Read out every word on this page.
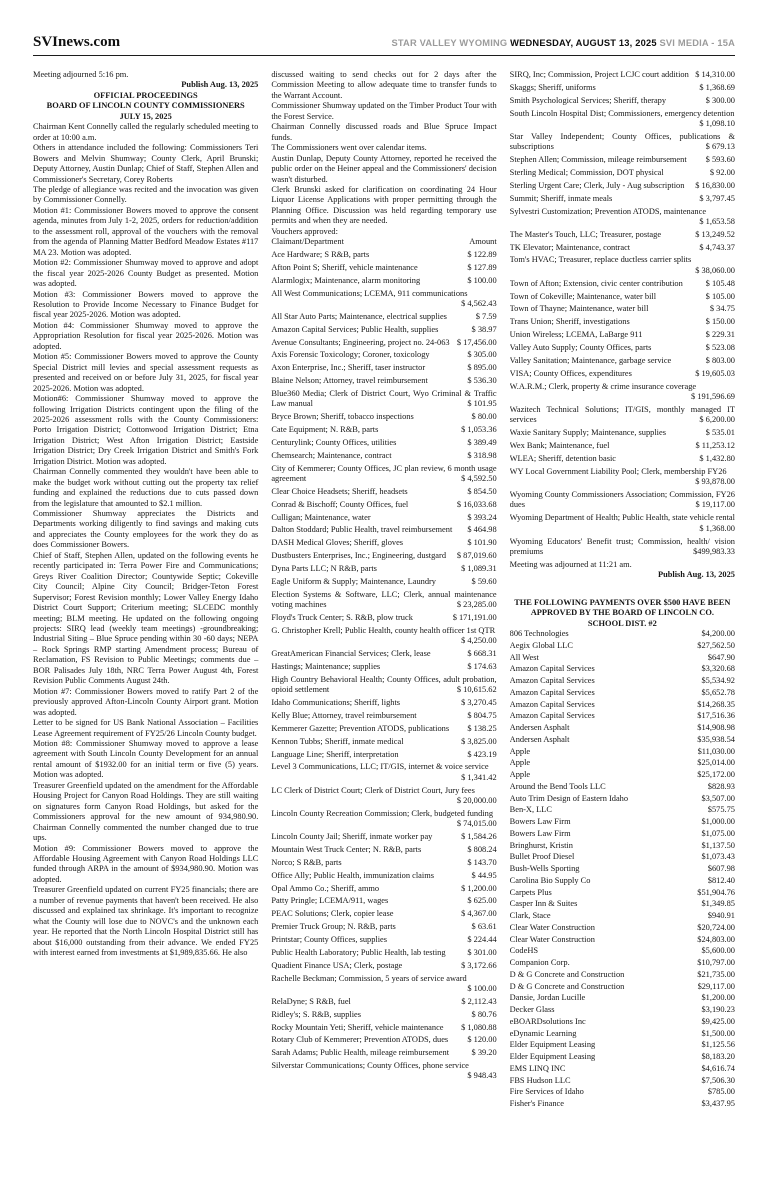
SVInews.com	STAR VALLEY WYOMING WEDNESDAY, AUGUST 13, 2025 SVI MEDIA - 15A

Meeting adjourned 5:16 pm.

Publish Aug. 13, 2025

OFFICIAL PROCEEDINGS

BOARD OF LINCOLN COUNTY COMMISSIONERS

JULY 15, 2025

Chairman Kent Connelly called the regularly scheduled meeting to order at 10:00 a.m.

Others in attendance included the following: Commissioners Teri Bowers and Melvin Shumway; County Clerk, April Brunski; Deputy Attorney, Austin Dunlap; Chief of Staff, Stephen Allen and Commissioner's Secretary, Corey Roberts

The pledge of allegiance was recited and the invocation was given by Commissioner Connelly.

Motion #1: Commissioner Bowers moved to approve the consent agenda, minutes from July 1-2, 2025, orders for reduction/addition to the assessment roll, approval of the vouchers with the removal from the agenda of Planning Matter Bedford Meadow Estates #117 MA 23. Motion was adopted.

Motion #2: Commissioner Shumway moved to approve and adopt the fiscal year 2025-2026 County Budget as presented. Motion was adopted.

Motion #3: Commissioner Bowers moved to approve the Resolution to Provide Income Necessary to Finance Budget for fiscal year 2025-2026. Motion was adopted.

Motion #4: Commissioner Shumway moved to approve the Appropriation Resolution for fiscal year 2025-2026. Motion was adopted.

Motion #5: Commissioner Bowers moved to approve the County Special District mill levies and special assessment requests as presented and received on or before July 31, 2025, for fiscal year 2025-2026. Motion was adopted.

Motion#6: Commissioner Shumway moved to approve the following Irrigation Districts contingent upon the filing of the 2025-2026 assessment rolls with the County Commissioners: Porto Irrigation District; Cottonwood Irrigation District; Etna Irrigation District; West Afton Irrigation District; Eastside Irrigation District; Dry Creek Irrigation District and Smith's Fork Irrigation District. Motion was adopted.

Chairman Connelly commented they wouldn't have been able to make the budget work without cutting out the property tax relief funding and explained the reductions due to cuts passed down from the legislature that amounted to $2.1 million.

Commissioner Shumway appreciates the Districts and Departments working diligently to find savings and making cuts and appreciates the County employees for the work they do as does Commissioner Bowers.

Chief of Staff, Stephen Allen, updated on the following events he recently participated in: Terra Power Fire and Communications; Greys River Coalition Director; Countywide Septic; Cokeville City Council; Alpine City Council; Bridger-Teton Forest Supervisor; Forest Revision monthly; Lower Valley Energy Idaho District Court Support; Criterium meeting; SLCEDC monthly meeting; BLM meeting. He updated on the following ongoing projects: SIRQ lead (weekly team meetings) -groundbreaking; Industrial Siting – Blue Spruce pending within 30 -60 days; NEPA – Rock Springs RMP starting Amendment process; Bureau of Reclamation, FS Revision to Public Meetings; comments due – BOR Palisades July 18th, NRC Terra Power August 4th, Forest Revision Public Comments August 24th.

Motion #7: Commissioner Bowers moved to ratify Part 2 of the previously approved Afton-Lincoln County Airport grant. Motion was adopted.

Letter to be signed for US Bank National Association – Facilities Lease Agreement requirement of FY25/26 Lincoln County budget.

Motion #8: Commissioner Shumway moved to approve a lease agreement with South Lincoln County Development for an annual rental amount of $1932.00 for an initial term or five (5) years. Motion was adopted.

Treasurer Greenfield updated on the amendment for the Affordable Housing Project for Canyon Road Holdings. They are still waiting on signatures form Canyon Road Holdings, but asked for the Commissioners approval for the new amount of 934,980.90. Chairman Connelly commented the number changed due to true ups.

Motion #9: Commissioner Bowers moved to approve the Affordable Housing Agreement with Canyon Road Holdings LLC funded through ARPA in the amount of $934,980.90. Motion was adopted.

Treasurer Greenfield updated on current FY25 financials; there are a number of revenue payments that haven't been received. He also discussed and explained tax shrinkage. It's important to recognize what the County will lose due to NOVC's and the unknown each year. He reported that the North Lincoln Hospital District still has about $16,000 outstanding from their advance. We ended FY25 with interest earned from investments at $1,989,835.66. He also

discussed waiting to send checks out for 2 days after the Commission Meeting to allow adequate time to transfer funds to the Warrant Account.

Commissioner Shumway updated on the Timber Product Tour with the Forest Service.

Chairman Connelly discussed roads and Blue Spruce Impact funds.

The Commissioners went over calendar items.

Austin Dunlap, Deputy County Attorney, reported he received the public order on the Heiner appeal and the Commissioners' decision wasn't disturbed.

Clerk Brunski asked for clarification on coordinating 24 Hour Liquor License Applications with proper permitting through the Planning Office. Discussion was held regarding temporary use permits and when they are needed.

Vouchers approved:

Claimant/Department	Amount
Ace Hardware; S R&B, parts	$ 122.89
Afton Point S; Sheriff, vehicle maintenance	$ 127.89
Alarmlogix; Maintenance, alarm monitoring	$ 100.00
All West Communications; LCEMA, 911 communications
$ 4,562.43
All Star Auto Parts; Maintenance, electrical supplies	$ 7.59
Amazon Capital Services; Public Health, supplies	$ 38.97
Avenue Consultants; Engineering, project no. 24-063 $ 17,456.00
Axis Forensic Toxicology; Coroner, toxicology	$ 305.00
Axon Enterprise, Inc.; Sheriff, taser instructor	$ 895.00
Blaine Nelson; Attorney, travel reimbursement	$ 536.30
Blue360 Media; Clerk of District Court, Wyo Criminal & Traffic Law manual	$ 101.95
Bryce Brown; Sheriff, tobacco inspections	$ 80.00
Cate Equipment; N. R&B, parts	$ 1,053.36
Centurylink; County Offices, utilities	$ 389.49
Chemsearch; Maintenance, contract	$ 318.98
City of Kemmerer; County Offices, JC plan review, 6 month usage agreement	$ 4,592.50
Clear Choice Headsets; Sheriff, headsets	$ 854.50
Conrad & Bischoff; County Offices, fuel	$ 16,033.68
Culligan; Maintenance, water	$ 393.24
Dalton Stoddard; Public Health, travel reimbursement	$ 464.98
DASH Medical Gloves; Sheriff, gloves	$ 101.90
Dustbusters Enterprises, Inc.; Engineering, dustgard	$ 87,019.60
Dyna Parts LLC; N R&B, parts	$ 1,089.31
Eagle Uniform & Supply; Maintenance, Laundry	$ 59.60
Election Systems & Software, LLC; Clerk, annual maintenance voting machines	$ 23,285.00
Floyd's Truck Center; S. R&B, plow truck	$ 171,191.00
G. Christopher Krell; Public Health, county health officer 1st QTR
$ 4,250.00
GreatAmerican Financial Services; Clerk, lease	$ 668.31
Hastings; Maintenance; supplies	$ 174.63
High Country Behavioral Health; County Offices, adult probation, opioid settlement	$ 10,615.62
Idaho Communications; Sheriff, lights	$ 3,270.45
Kelly Blue; Attorney, travel reimbursement	$ 804.75
Kemmerer Gazette; Prevention ATODS, publications	$ 138.25
Kennon Tubbs; Sheriff, inmate medical	$ 3,825.00
Language Line; Sheriff, interpretation	$ 423.19
Level 3 Communications, LLC; IT/GIS, internet & voice service
$ 1,341.42
LC Clerk of District Court; Clerk of District Court, Jury fees
$ 20,000.00
Lincoln County Recreation Commission; Clerk, budgeted funding
$ 74,015.00
Lincoln County Jail; Sheriff, inmate worker pay	$ 1,584.26
Mountain West Truck Center; N. R&B, parts	$ 808.24
Norco; S R&B, parts	$ 143.70
Office Ally; Public Health, immunization claims	$ 44.95
Opal Ammo Co.; Sheriff, ammo	$ 1,200.00
Patty Pringle; LCEMA/911, wages	$ 625.00
PEAC Solutions; Clerk, copier lease	$ 4,367.00
Premier Truck Group; N. R&B, parts	$ 63.61
Printstar; County Offices, supplies	$ 224.44
Public Health Laboratory; Public Health, lab testing	$ 301.00
Quadient Finance USA; Clerk, postage	$ 3,172.66
Rachelle Beckman; Commission, 5 years of service award
$ 100.00
RelaDyne; S R&B, fuel	$ 2,112.43
Ridley's; S. R&B, supplies	$ 80.76
Rocky Mountain Yeti; Sheriff, vehicle maintenance	$ 1,080.88
Rotary Club of Kemmerer; Prevention ATODS, dues	$ 120.00
Sarah Adams; Public Health, mileage reimbursement	$ 39.20
Silverstar Communications; County Offices, phone service
$ 948.43
SIRQ, Inc; Commission, Project LCJC court addition $ 14,310.00
Skaggs; Sheriff, uniforms	$ 1,368.69
Smith Psychological Services; Sheriff, therapy	$ 300.00
South Lincoln Hospital Dist; Commissioners, emergency detention
$ 1,098.10
Star Valley Independent; County Offices, publications & subscriptions	$ 679.13
Stephen Allen; Commission, mileage reimbursement	$ 593.60
Sterling Medical; Commission, DOT physical	$ 92.00
Sterling Urgent Care; Clerk, July - Aug subscription	$ 16,830.00
Summit; Sheriff, inmate meals	$ 3,797.45
Sylvestri Customization; Prevention ATODS, maintenance
$ 1,653.58
The Master's Touch, LLC; Treasurer, postage	$ 13,249.52
TK Elevator; Maintenance, contract	$ 4,743.37
Tom's HVAC; Treasurer, replace ductless carrier splits
$ 38,060.00
Town of Afton; Extension, civic center contribution	$ 105.48
Town of Cokeville; Maintenance, water bill	$ 105.00
Town of Thayne; Maintenance, water bill	$ 34.75
Trans Union; Sheriff, investigations	$ 150.00
Union Wireless; LCEMA, LaBarge 911	$ 229.31
Valley Auto Supply; County Offices, parts	$ 523.08
Valley Sanitation; Maintenance, garbage service	$ 803.00
VISA; County Offices, expenditures	$ 19,605.03
W.A.R.M.; Clerk, property & crime insurance coverage
$ 191,596.69
Wazitech Technical Solutions; IT/GIS, monthly managed IT services	$ 6,200.00
Waxie Sanitary Supply; Maintenance, supplies	$ 535.01
Wex Bank; Maintenance, fuel	$ 11,253.12
WLEA; Sheriff, detention basic	$ 1,432.80
WY Local Government Liability Pool; Clerk, membership FY26
$ 93,878.00
Wyoming County Commissioners Association; Commission, FY26 dues	$ 19,117.00
Wyoming Department of Health; Public Health, state vehicle rental
$ 1,368.00
Wyoming Educators' Benefit trust; Commission, health/ vision premiums	$499,983.33

Meeting was adjourned at 11:21 am.

Publish Aug. 13, 2025

THE FOLLOWING PAYMENTS OVER $500 HAVE BEEN

APPROVED BY THE BOARD OF LINCOLN CO.

SCHOOL DIST. #2

806 Technologies	$4,200.00
Aegix Global LLC	$27,562.50
All West	$647.90
Amazon Capital Services	$3,320.68
Amazon Capital Services	$5,534.92
Amazon Capital Services	$5,652.78
Amazon Capital Services	$14,268.35
Amazon Capital Services	$17,516.36
Andersen Asphalt	$14,908.98
Andersen Asphalt	$35,938.54
Apple	$11,030.00
Apple	$25,014.00
Apple	$25,172.00
Around the Bend Tools LLC	$828.93
Auto Trim Design of Eastern Idaho	$3,507.00
Ben-X, LLC	$575.75
Bowers Law Firm	$1,000.00
Bowers Law Firm	$1,075.00
Bringhurst, Kristin	$1,137.50
Bullet Proof Diesel	$1,073.43
Bush-Wells Sporting	$607.98
Carolina Bio Supply Co	$812.40
Carpets Plus	$51,904.76
Casper Inn & Suites	$1,349.85
Clark, Stace	$940.91
Clear Water Construction	$20,724.00
Clear Water Construction	$24,803.00
CodeHS	$5,600.00
Companion Corp.	$10,797.00
D & G Concrete and Construction	$21,735.00
D & G Concrete and Construction	$29,117.00
Dansie, Jordan Lucille	$1,200.00
Decker Glass	$3,190.23
eBOARDsolutions Inc	$9,425.00
eDynamic Learning	$1,500.00
Elder Equipment Leasing	$1,125.56
Elder Equipment Leasing	$8,183.20
EMS LINQ INC	$4,616.74
FBS Hudson LLC	$7,506.30
Fire Services of Idaho	$785.00
Fisher's Finance	$3,437.95
